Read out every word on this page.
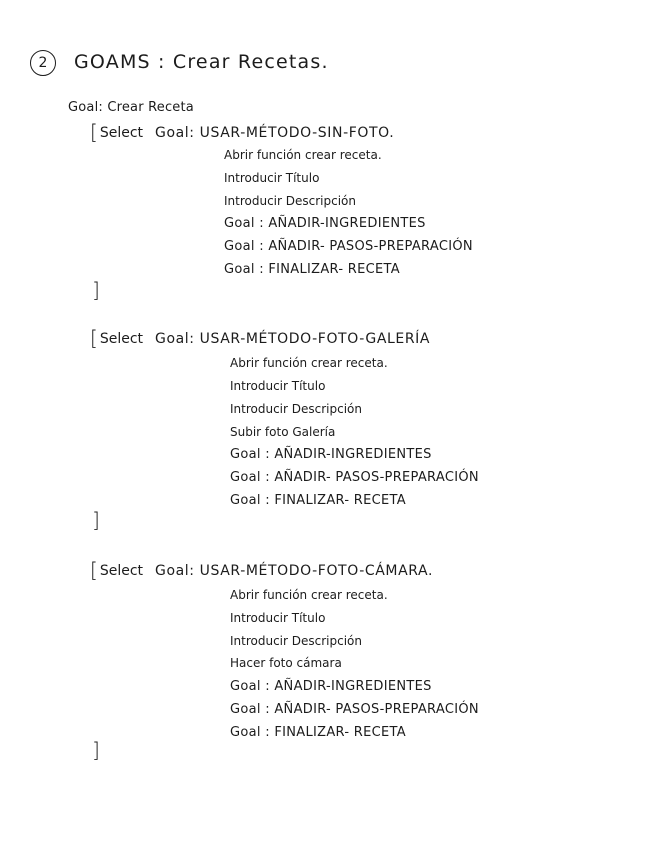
2	GOAMS : Crear Recetas.
Goal: Crear Receta
[ Select Goal: USAR-MÉTODO-SIN-FOTO.
Abrir función crear receta.
Introducir Título
Introducir Descripción
Goal : AÑADIR-INGREDIENTES
Goal : AÑADIR- PASOS-PREPARACIÓN
Goal : FINALIZAR- RECETA
]
[ Select Goal: USAR-MÉTODO-FOTO-GALERÍA
Abrir función crear receta.
Introducir Título
Introducir Descripción
Subir foto Galería
Goal : AÑADIR-INGREDIENTES
Goal : AÑADIR- PASOS-PREPARACIÓN
Goal : FINALIZAR- RECETA
]
[ Select Goal: USAR-MÉTODO-FOTO-CÁMARA.
Abrir función crear receta.
Introducir Título
Introducir Descripción
Hacer foto cámara
Goal : AÑADIR-INGREDIENTES
Goal : AÑADIR- PASOS-PREPARACIÓN
Goal : FINALIZAR- RECETA
]
